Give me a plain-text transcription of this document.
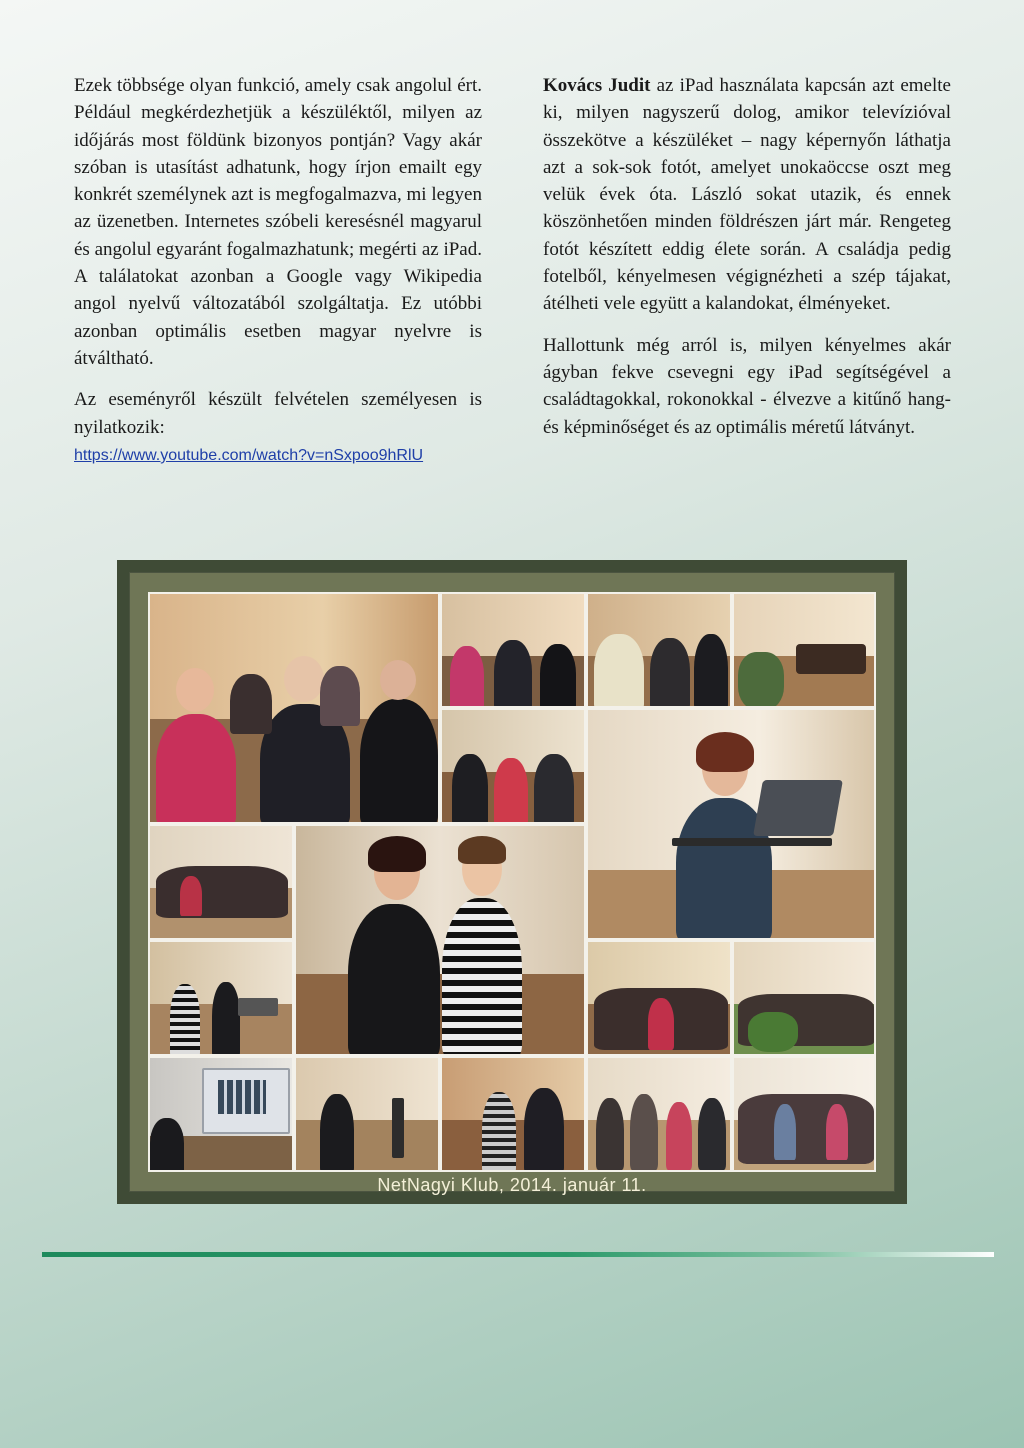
Ezek többsége olyan funkció, amely csak angolul ért. Például megkérdezhetjük a készüléktől, milyen az időjárás most földünk bizonyos pontján? Vagy akár szóban is utasítást adhatunk, hogy írjon emailt egy konkrét személynek azt is megfogalmazva, mi legyen az üzenetben. Internetes szóbeli keresésnél magyarul és angolul egyaránt fogalmazhatunk; megérti az iPad. A találatokat azonban a Google vagy Wikipedia angol nyelvű változatából szolgáltatja. Ez utóbbi azonban optimális esetben magyar nyelvre is átváltható.

Az eseményről készült felvételen személyesen is nyilatkozik:
https://www.youtube.com/watch?v=nSxpoo9hRlU

Kovács Judit az iPad használata kapcsán azt emelte ki, milyen nagyszerű dolog, amikor televízióval összekötve a készüléket – nagy képernyőn láthatja azt a sok-sok fotót, amelyet unokaöccse oszt meg velük évek óta. László sokat utazik, és ennek köszönhetően minden földrészen járt már. Rengeteg fotót készített eddig élete során. A családja pedig fotelből, kényelmesen végignézheti a szép tájakat, átélheti vele együtt a kalandokat, élményeket.

Hallottunk még arról is, milyen kényelmes akár ágyban fekve csevegni egy iPad segítségével a családtagokkal, rokonokkal - élvezve a kitűnő hang- és képminőséget és az optimális méretű látványt.

NetNagyi Klub, 2014. január 11.
